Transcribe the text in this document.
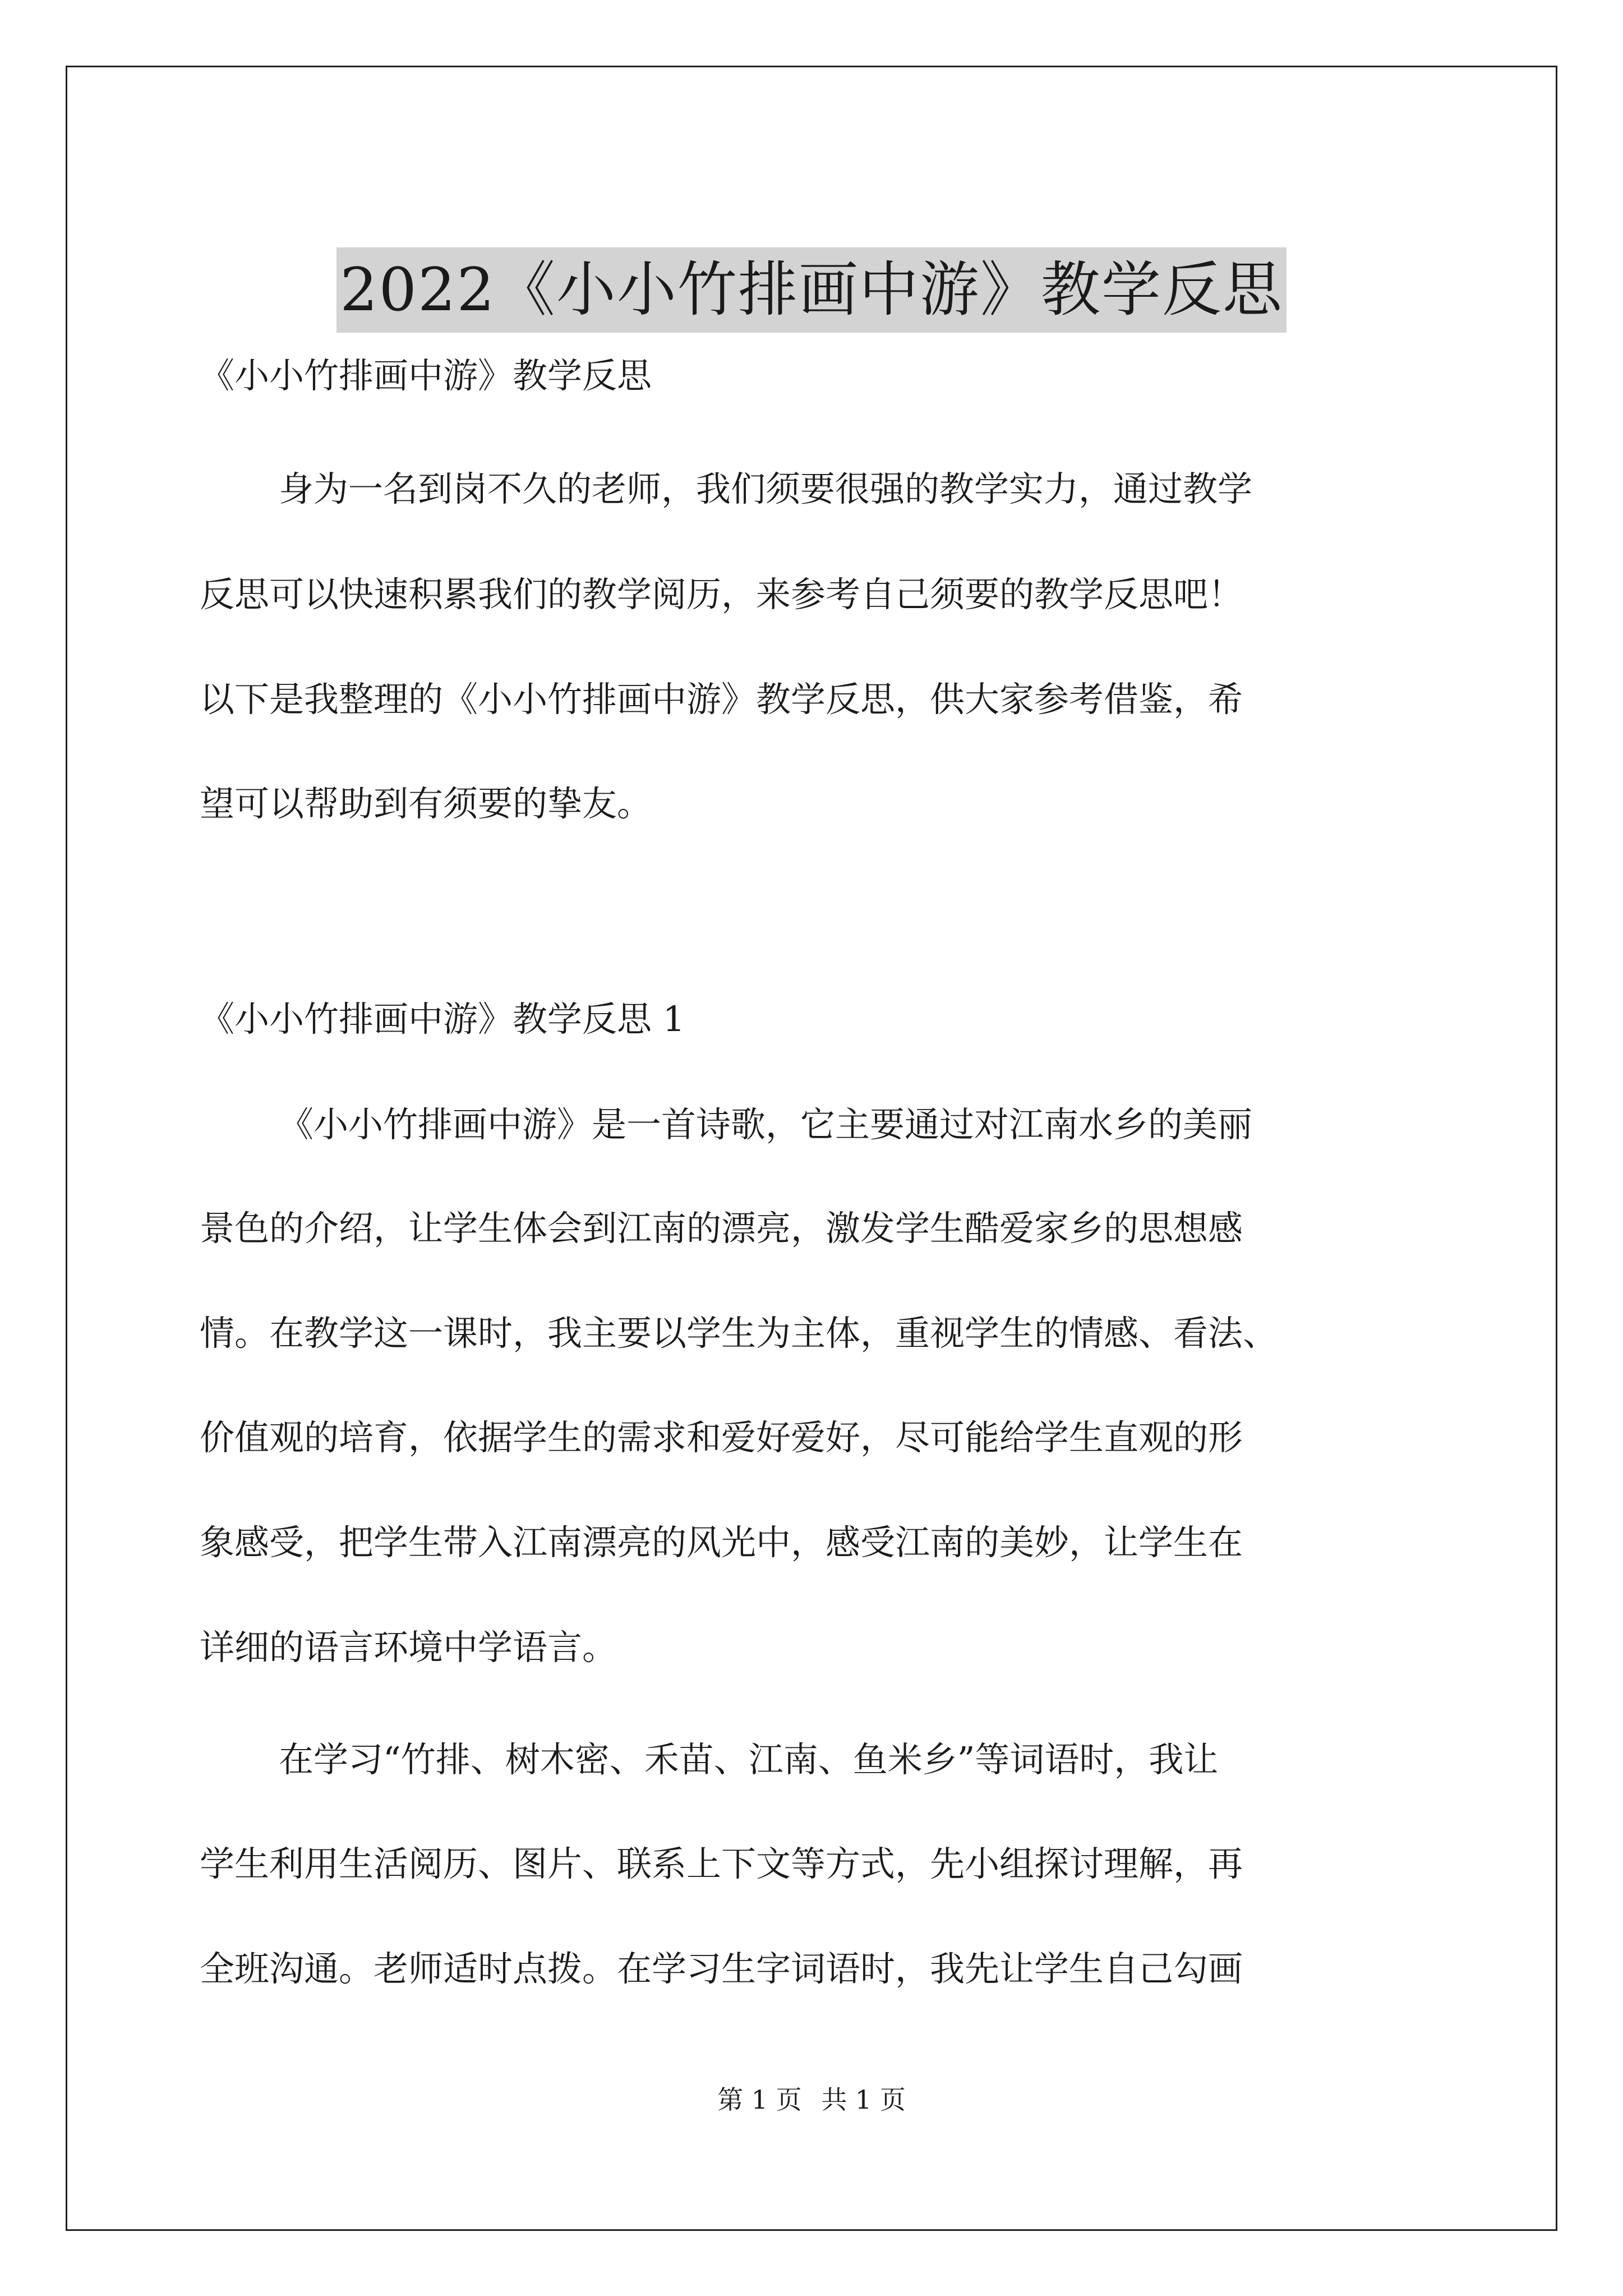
2022《小小竹排画中游》教学反思
《小小竹排画中游》教学反思
身为一名到岗不久的老师，我们须要很强的教学实力，通过教学
反思可以快速积累我们的教学阅历，来参考自己须要的教学反思吧！
以下是我整理的《小小竹排画中游》教学反思，供大家参考借鉴，希
望可以帮助到有须要的挚友。
《小小竹排画中游》教学反思 1
《小小竹排画中游》是一首诗歌，它主要通过对江南水乡的美丽
景色的介绍，让学生体会到江南的漂亮，激发学生酷爱家乡的思想感
情。在教学这一课时，我主要以学生为主体，重视学生的情感、看法、
价值观的培育，依据学生的需求和爱好爱好，尽可能给学生直观的形
象感受，把学生带入江南漂亮的风光中，感受江南的美妙，让学生在
详细的语言环境中学语言。
在学习“竹排、树木密、禾苗、江南、鱼米乡”等词语时，我让
学生利用生活阅历、图片、联系上下文等方式，先小组探讨理解，再
全班沟通。老师适时点拨。在学习生字词语时，我先让学生自己勾画
第 1 页 共 1 页
